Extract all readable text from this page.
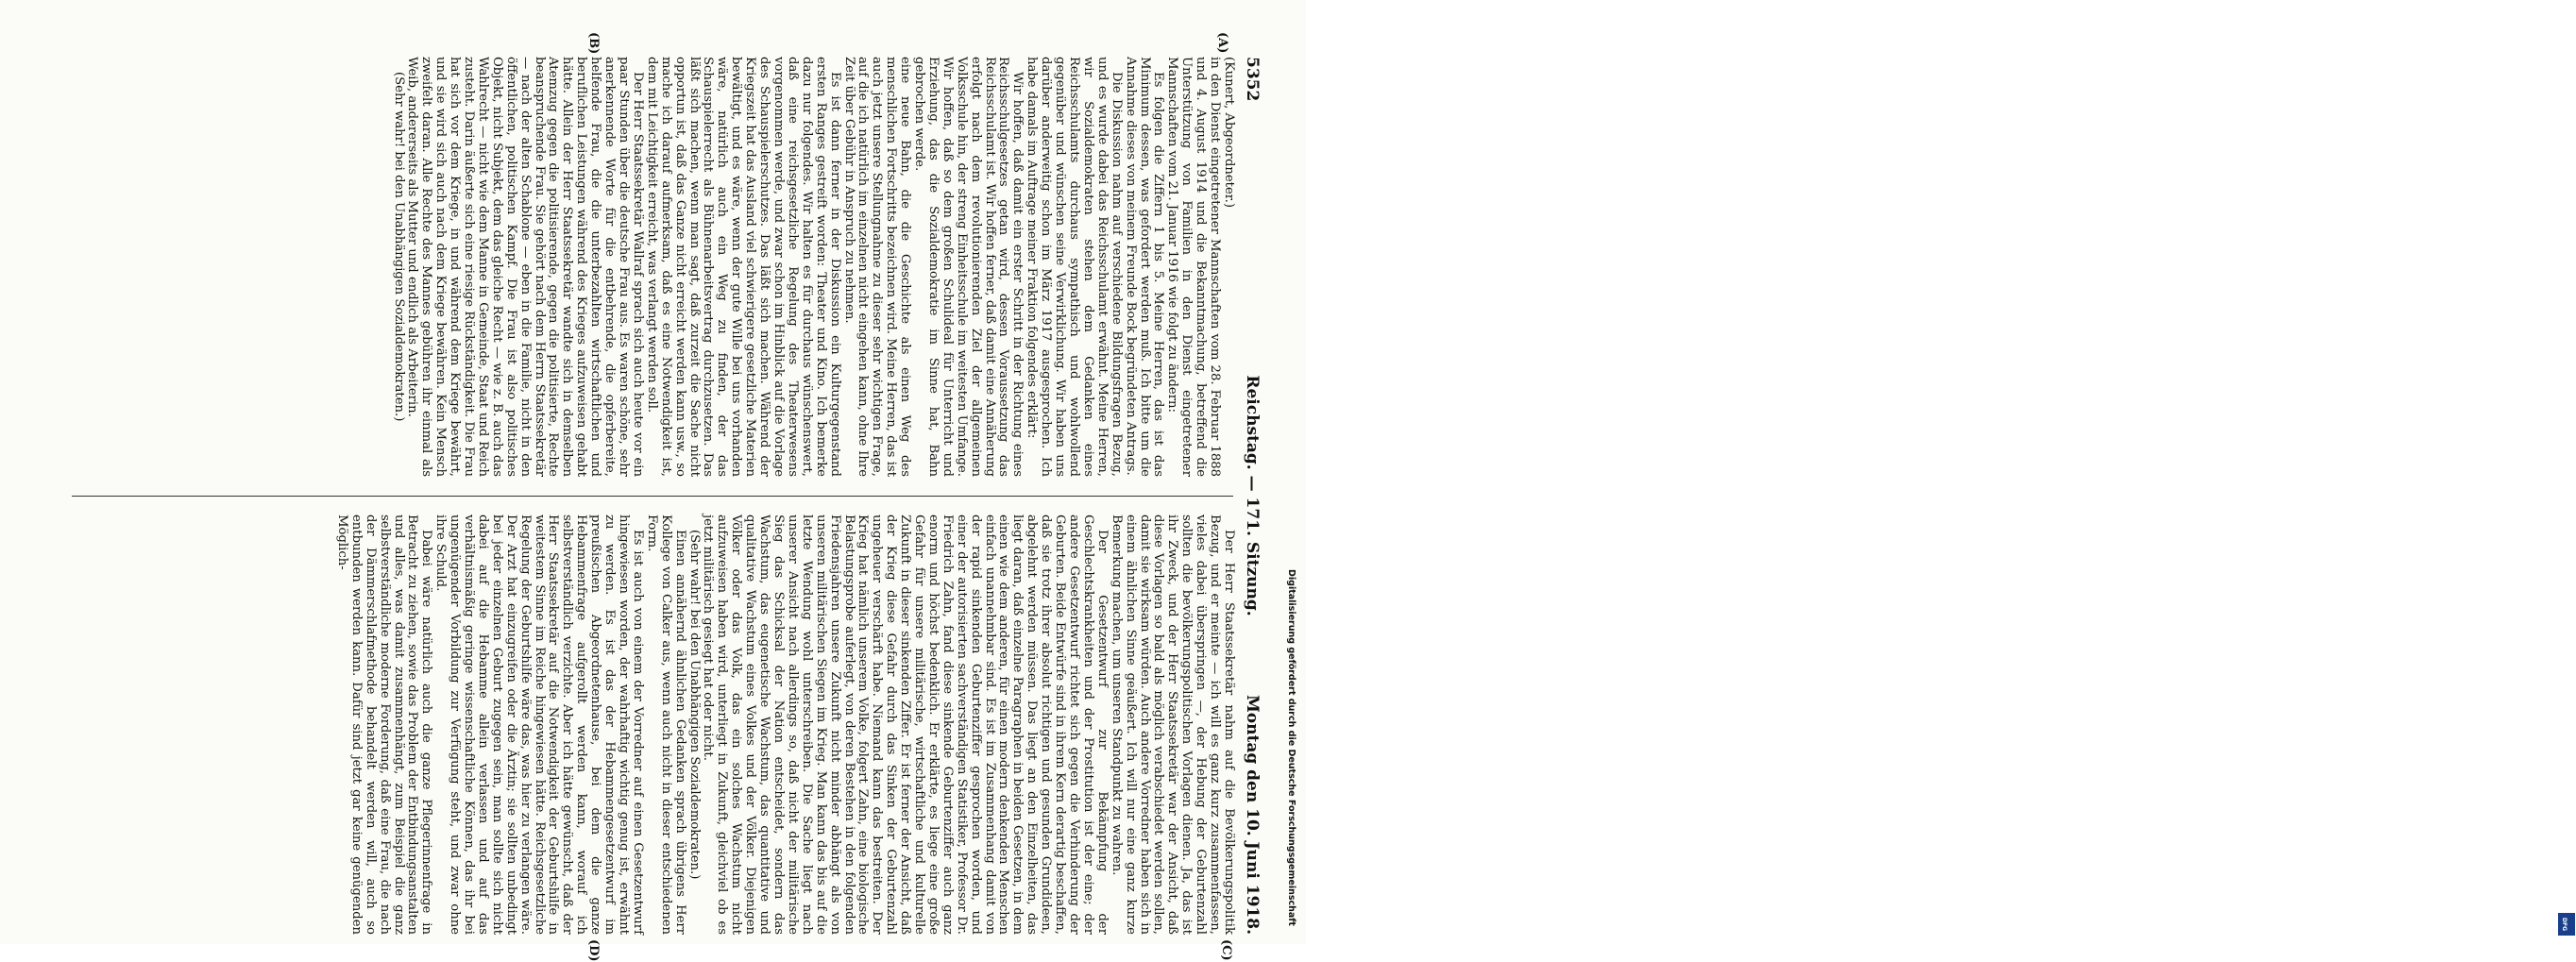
5352
Reichstag. — 171. Sitzung.
Montag den 10. Juni 1918.
(A)
(B)
(C)
(D)

(Kunert, Abgeordneter.)

in den Dienst eingetretener Mannschaften vom 28. Februar 1888 und 4. August 1914 und die Bekanntmachung, betreffend die Unterstützung von Familien in den Dienst eingetretener Mannschaften vom 21. Januar 1916 wie folgt zu ändern:

Es folgen die Ziffern 1 bis 5. Meine Herren, das ist das Minimum dessen, was gefordert werden muß. Ich bitte um die Annahme dieses von meinem Freunde Bock begründeten Antrags.

Die Diskussion nahm auf verschiedene Bildungsfragen Bezug, und es wurde dabei das Reichsschulamt erwähnt. Meine Herren, wir Sozialdemokraten stehen dem Gedanken eines Reichsschulamts durchaus sympathisch und wohlwollend gegenüber und wünschen seine Verwirklichung. Wir haben uns darüber anderweitig schon im März 1917 ausgesprochen. Ich habe damals im Auftrage meiner Fraktion folgendes erklärt:

Wir hoffen, daß damit ein erster Schritt in der Richtung eines Reichsschulgesetzes getan wird, dessen Voraussetzung das Reichsschulamt ist. Wir hoffen ferner, daß damit eine Annäherung erfolgt nach dem revolutionierenden Ziel der allgemeinen Volksschule hin, der streng Einheitsschule im weitesten Umfange. Wir hoffen, daß so dem großen Schulideal für Unterricht und Erziehung, das die Sozialdemokratie im Sinne hat, Bahn gebrochen werde.

eine neue Bahn, die die Geschichte als einen Weg des menschlichen Fortschritts bezeichnen wird. Meine Herren, das ist auch jetzt unsere Stellungnahme zu dieser sehr wichtigen Frage, auf die ich natürlich im einzelnen nicht eingehen kann, ohne Ihre Zeit über Gebühr in Anspruch zu nehmen.

Es ist dann ferner in der Diskussion ein Kulturgegenstand ersten Ranges gestreift worden: Theater und Kino. Ich bemerke dazu nur folgendes. Wir halten es für durchaus wünschenswert, daß eine reichsgesetzliche Regelung des Theaterwesens vorgenommen werde, und zwar schon im Hinblick auf die Vorlage des Schauspielerschutzes. Das läßt sich machen. Während der Kriegszeit hat das Ausland viel schwierigere gesetzliche Materien bewältigt, und es wäre, wenn der gute Wille bei uns vorhanden wäre, natürlich auch ein Weg zu finden, der das Schauspielerrecht als Bühnenarbeitsvertrag durchzusetzen. Das läßt sich machen, wenn man sagt, daß zurzeit die Sache nicht opportun ist, daß das Ganze nicht erreicht werden kann usw., so mache ich darauf aufmerksam, daß es eine Notwendigkeit ist, dem mit Leichtigkeit erreicht, was verlangt werden soll.

Der Herr Staatssekretär Wallraf sprach sich auch heute vor ein paar Stunden über die deutsche Frau aus. Es waren schöne, sehr anerkennende Worte für die entbehrende, die opferbereite, helfende Frau, die die unterbezahlten wirtschaftlichen und beruflichen Leistungen während des Krieges aufzuweisen gehabt hätte. Allein der Herr Staatssekretär wandte sich in demselben Atemzug gegen die politisierende, gegen die politisierte, Rechte beanspruchende Frau. Sie gehört nach dem Herrn Staatssekretär — nach der alten Schablone — eben in die Familie, nicht in den öffentlichen, politischen Kampf. Die Frau ist also politisches Objekt, nicht Subjekt, dem das gleiche Recht — wie z. B. auch das Wahlrecht — nicht wie dem Manne in Gemeinde, Staat und Reich zusteht. Darin äußerte sich eine riesige Rückständigkeit. Die Frau hat sich vor dem Kriege, in und während dem Kriege bewährt, und sie wird sich auch nach dem Kriege bewähren. Kein Mensch zweifelt daran. Alle Rechte des Mannes gebühren ihr einmal als Weib, andererseits als Mutter und endlich als Arbeiterin.

(Sehr wahr! bei den Unabhängigen Sozialdemokraten.)

Der Herr Staatssekretär nahm auf die Bevölkerungspolitik Bezug, und er meinte — ich will es ganz kurz zusammenfassen, vieles dabei überspringen —, der Hebung der Geburtenzahl sollten die bevölkerungspolitischen Vorlagen dienen. Ja, das ist ihr Zweck, und der Herr Staatssekretär war der Ansicht, daß diese Vorlagen so bald als möglich verabschiedet werden sollen, damit sie wirksam würden. Auch andere Vorredner haben sich in einem ähnlichen Sinne geäußert. Ich will nur eine ganz kurze Bemerkung machen, um unseren Standpunkt zu wahren.

Der Gesetzentwurf zur Bekämpfung der Geschlechtskrankheiten und der Prostitution ist der eine; der andere Gesetzentwurf richtet sich gegen die Verhinderung der Geburten. Beide Entwürfe sind in ihrem Kern derartig beschaffen, daß sie trotz ihrer absolut richtigen und gesunden Grundideen, abgelehnt werden müssen. Das liegt an den Einzelheiten, das liegt daran, daß einzelne Paragraphen in beiden Gesetzen, in dem einen wie dem anderen, für einen modern denkenden Menschen einfach unannehmbar sind. Es ist im Zusammenhang damit von der rapid sinkenden Geburtenziffer gesprochen worden, und einer der autorisierten sachverständigen Statistiker, Professor Dr. Friedrich Zahn, fand diese sinkende Geburtenziffer auch ganz enorm und höchst bedenklich. Er erklärte, es liege eine große Gefahr für unsere militärische, wirtschaftliche und kulturelle Zukunft in dieser sinkenden Ziffer. Er ist ferner der Ansicht, daß der Krieg diese Gefahr durch das Sinken der Geburtenzahl ungeheuer verschärft habe. Niemand kann das bestreiten. Der Krieg hat nämlich unserem Volke, folgert Zahn, eine biologische Belastungsprobe auferlegt, von deren Bestehen in den folgenden Friedensjahren unsere Zukunft nicht minder abhängt als von unseren militärischen Siegen im Krieg. Man kann das bis auf die letzte Wendung wohl unterschreiben. Die Sache liegt nach unserer Ansicht nach allerdings so, daß nicht der militärische Sieg das Schicksal der Nation entscheidet, sondern das Wachstum, das eugenetische Wachstum, das quantitative und qualitative Wachstum eines Volkes und der Völker. Diejenigen Völker oder das Volk, das ein solches Wachstum nicht aufzuweisen haben wird, unterliegt in Zukunft, gleichviel ob es jetzt militärisch gesiegt hat oder nicht.

(Sehr wahr! bei den Unabhängigen Sozialdemokraten.)

Einen annähernd ähnlichen Gedanken sprach übrigens Herr Kollege von Calker aus, wenn auch nicht in dieser entschiedenen Form.

Es ist auch von einem der Vorredner auf einen Gesetzentwurf hingewiesen worden, der wahrhaftig wichtig genug ist, erwähnt zu werden. Es ist das der Hebammengesetzentwurf im preußischen Abgeordnetenhause, bei dem die ganze Hebammenfrage aufgerollt werden kann, worauf ich selbstverständlich verzichte. Aber ich hätte gewünscht, daß der Herr Staatssekretär auf die Notwendigkeit der Geburtshilfe in weitestem Sinne im Reiche hingewiesen hätte. Reichsgesetzliche Regelung der Geburtshilfe wäre das, was hier zu verlangen wäre. Der Arzt hat einzugreifen oder die Ärztin; sie sollten unbedingt bei jeder einzelnen Geburt zugegen sein, man sollte sich nicht dabei auf die Hebamme allein verlassen und auf das verhältnismäßig geringe wissenschaftliche Können, das ihr bei ungenügender Vorbildung zur Verfügung steht, und zwar ohne ihre Schuld.

Dabei wäre natürlich auch die ganze Pflegerinnenfrage in Betracht zu ziehen, sowie das Problem der Entbindungsanstalten und alles, was damit zusammenhängt, zum Beispiel die ganz selbstverständliche moderne Forderung, daß eine Frau, die nach der Dämmerschlafmethode behandelt werden will, auch so entbunden werden kann. Dafür sind jetzt gar keine genügenden Möglich-

Digitalisierung gefördert durch die Deutsche Forschungsgemeinschaft	DFG
